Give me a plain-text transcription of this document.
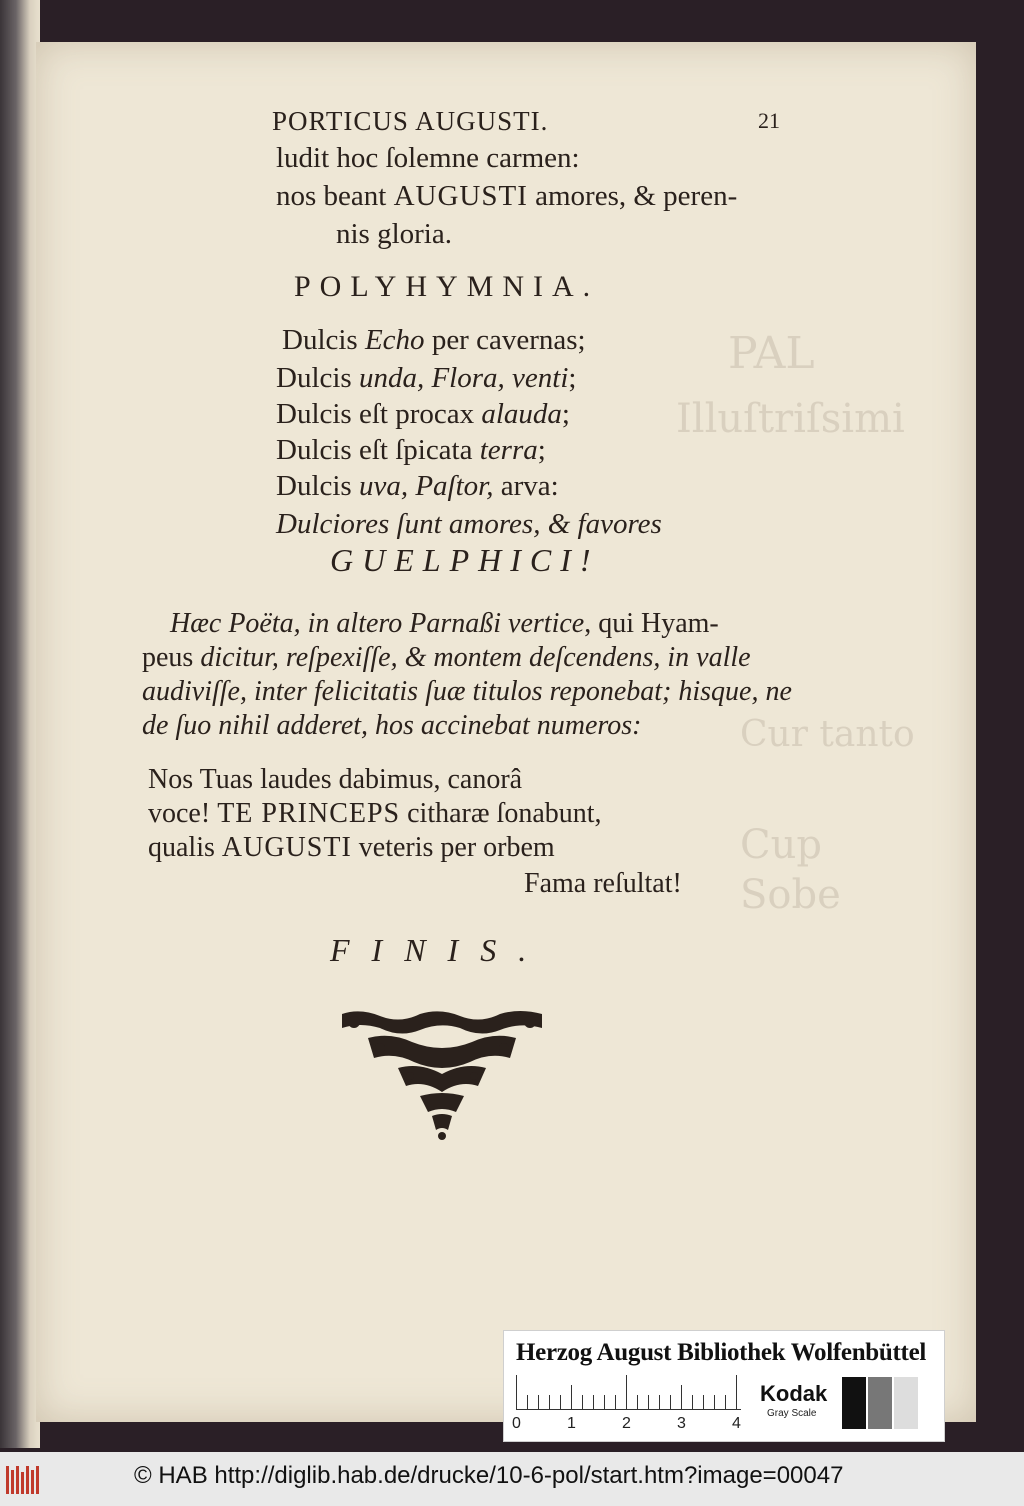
PAL
Illuſtriſsimi
Cur tanto
Cup
Sobe
PORTICUS AUGUSTI.	21
ludit hoc ſolemne carmen:
nos beant AUGUSTI amores, & peren-
nis gloria.
POLYHYMNIA.
Dulcis Echo per cavernas;
Dulcis unda, Flora, venti;
Dulcis eſt procax alauda;
Dulcis eſt ſpicata terra;
Dulcis uva, Paſtor, arva:
Dulciores ſunt amores, & favores
GUELPHICI!
Hæc Poëta, in altero Parnaßi vertice, qui Hyam-
peus dicitur, reſpexiſſe, & montem deſcendens, in valle
audiviſſe, inter felicitatis ſuæ titulos reponebat; hisque, ne
de ſuo nihil adderet, hos accinebat numeros:
Nos Tuas laudes dabimus, canorâ
voce! TE PRINCEPS citharæ ſonabunt,
qualis AUGUSTI veteris per orbem
Fama reſultat!
FINIS.
Herzog August Bibliothek Wolfenbüttel
0	1	2	3	4
Kodak
Gray Scale
© HAB http://diglib.hab.de/drucke/10-6-pol/start.htm?image=00047
